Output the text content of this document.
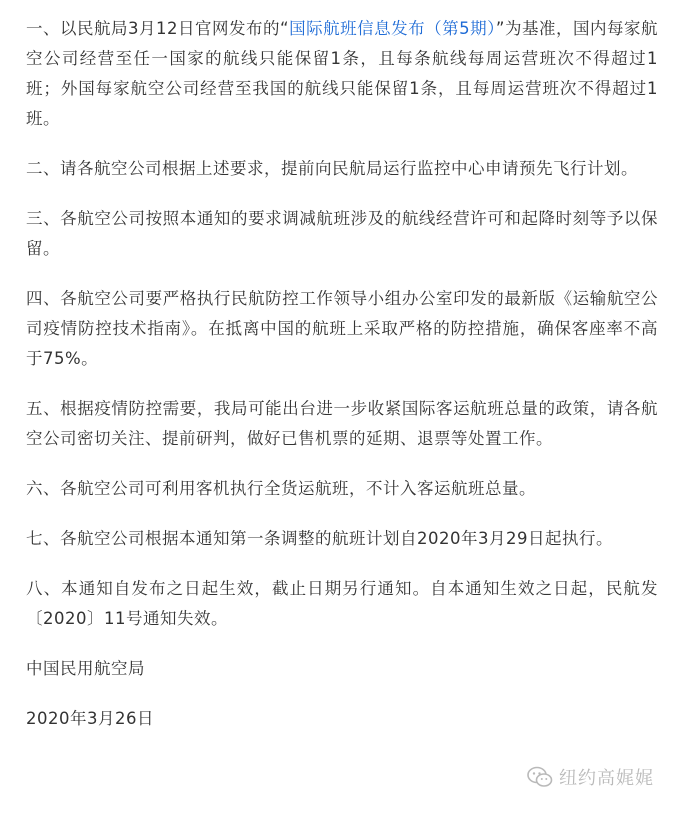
一、以民航局3月12日官网发布的“国际航班信息发布（第5期）”为基准，国内每家航空公司经营至任一国家的航线只能保留1条，且每条航线每周运营班次不得超过1班；外国每家航空公司经营至我国的航线只能保留1条，且每周运营班次不得超过1班。

二、请各航空公司根据上述要求，提前向民航局运行监控中心申请预先飞行计划。

三、各航空公司按照本通知的要求调减航班涉及的航线经营许可和起降时刻等予以保留。

四、各航空公司要严格执行民航防控工作领导小组办公室印发的最新版《运输航空公司疫情防控技术指南》。在抵离中国的航班上采取严格的防控措施，确保客座率不高于75%。

五、根据疫情防控需要，我局可能出台进一步收紧国际客运航班总量的政策，请各航空公司密切关注、提前研判，做好已售机票的延期、退票等处置工作。

六、各航空公司可利用客机执行全货运航班，不计入客运航班总量。

七、各航空公司根据本通知第一条调整的航班计划自2020年3月29日起执行。

八、本通知自发布之日起生效，截止日期另行通知。自本通知生效之日起，民航发〔2020〕11号通知失效。

中国民用航空局

2020年3月26日

纽约高娓娓
